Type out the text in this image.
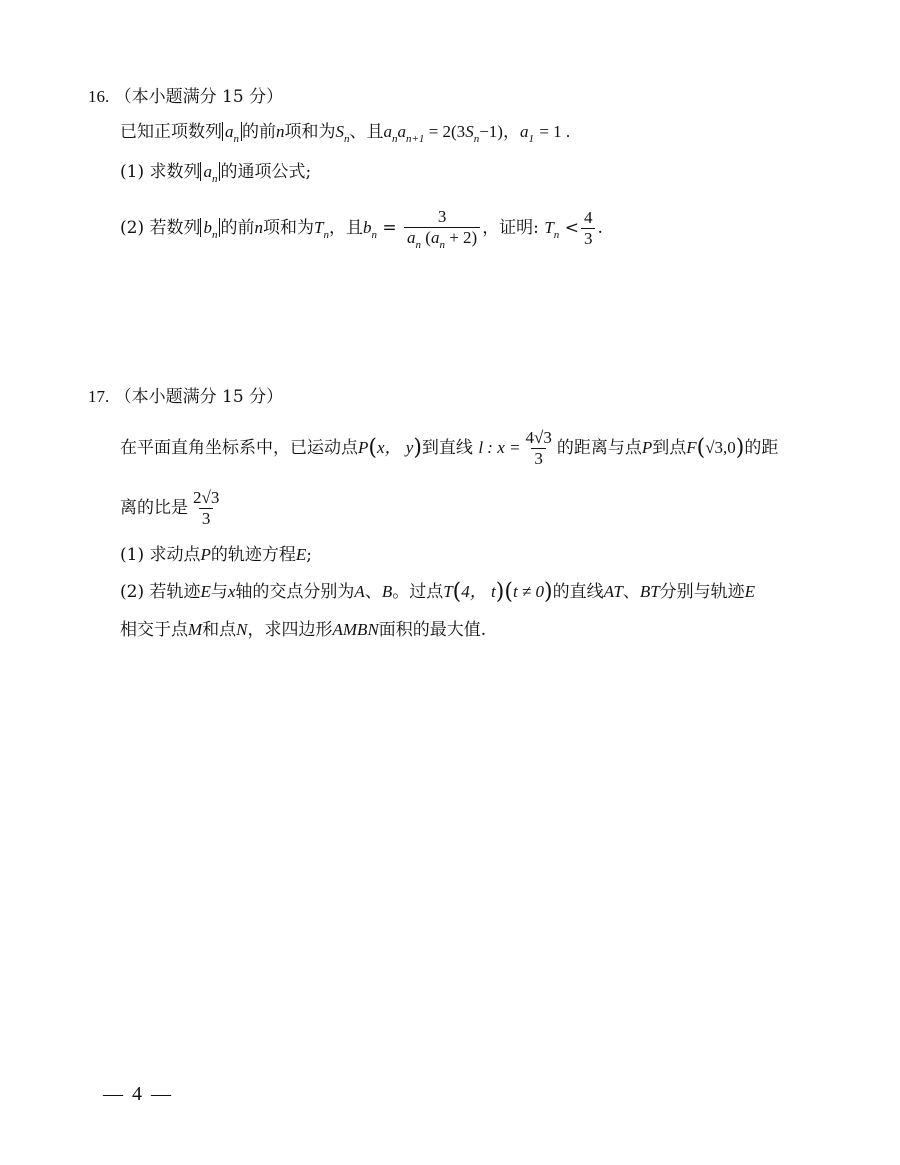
16. （本小题满分 15 分）
已知正项数列 $a_n$ 的前n项和为$S_n$、且$a_na_{n+1} = 2(3S_n-1)$，$a_1 = 1$ .
(1) 求数列 $a_n$ 的通项公式;
(2) 若数列 $b_n$ 的前n项和为$T_n$，且$b_n = \frac{3}{a_n (a_n + 2)}$ ，证明: $T_n < \frac{4}{3}$ .
17. （本小题满分 15 分）
在平面直角坐标系中，已运动点P(x， y)到直线 l : $x = \frac{4√3}{3}$ 的距离与点P到点F(√3,0)的距
离的比是 $\frac{2√3}{3}$
(1) 求动点P的轨迹方程E;
(2) 若轨迹E与x轴的交点分别为A、B。过点T(4， t)(t ≠ 0)的直线AT、BT分别与轨迹E
相交于点M和点N，求四边形AMBN面积的最大值.
— 4 —
